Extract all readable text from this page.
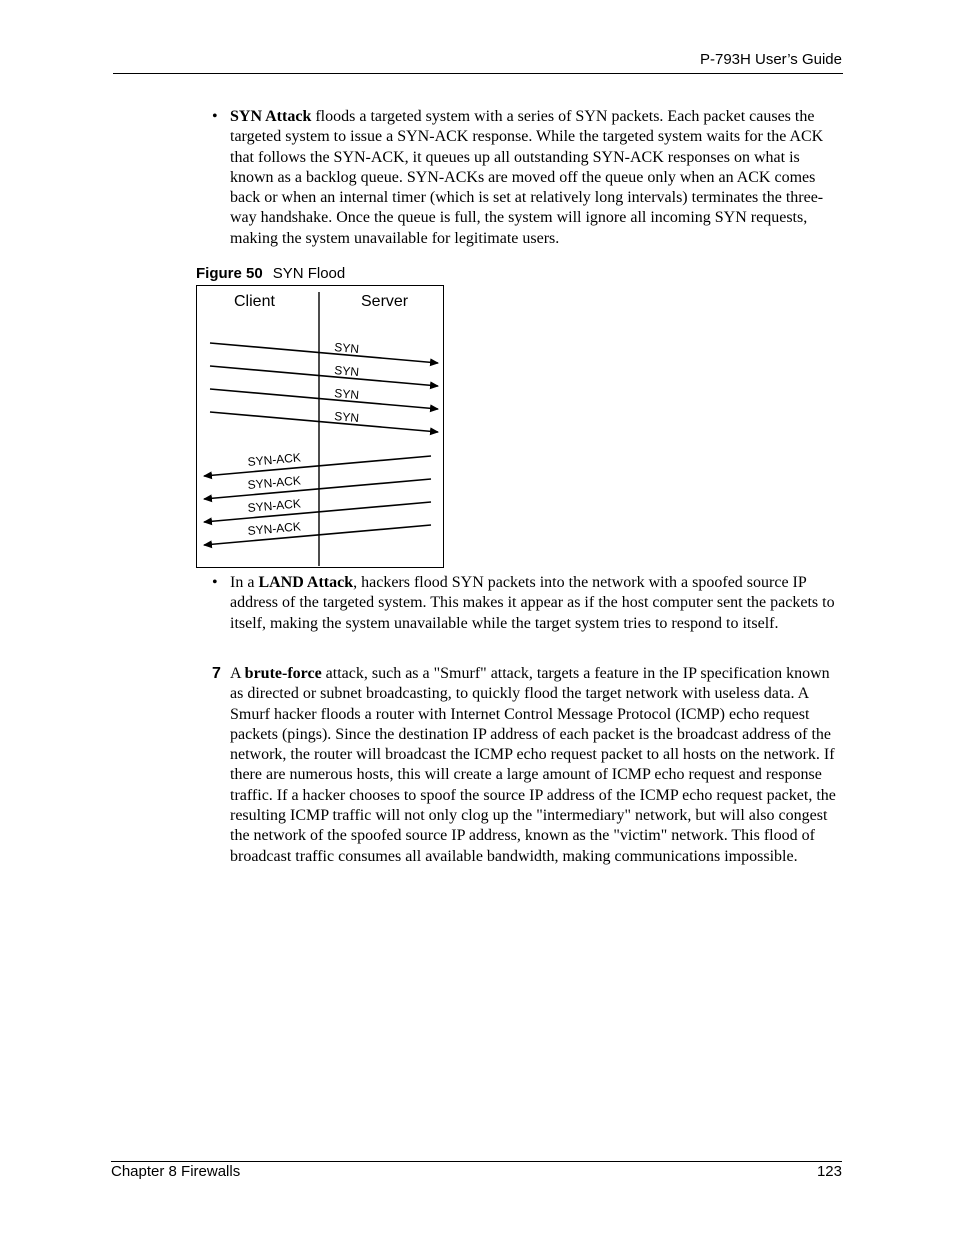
P-793H User’s Guide
• SYN Attack floods a targeted system with a series of SYN packets. Each packet causes the targeted system to issue a SYN-ACK response. While the targeted system waits for the ACK that follows the SYN-ACK, it queues up all outstanding SYN-ACK responses on what is known as a backlog queue. SYN-ACKs are moved off the queue only when an ACK comes back or when an internal timer (which is set at relatively long intervals) terminates the three-way handshake. Once the queue is full, the system will ignore all incoming SYN requests, making the system unavailable for legitimate users.
Figure 50 SYN Flood
Client	Server
SYN
SYN
SYN
SYN
SYN-ACK
SYN-ACK
SYN-ACK
SYN-ACK
• In a LAND Attack, hackers flood SYN packets into the network with a spoofed source IP address of the targeted system. This makes it appear as if the host computer sent the packets to itself, making the system unavailable while the target system tries to respond to itself.
7 A brute-force attack, such as a "Smurf" attack, targets a feature in the IP specification known as directed or subnet broadcasting, to quickly flood the target network with useless data. A Smurf hacker floods a router with Internet Control Message Protocol (ICMP) echo request packets (pings). Since the destination IP address of each packet is the broadcast address of the network, the router will broadcast the ICMP echo request packet to all hosts on the network. If there are numerous hosts, this will create a large amount of ICMP echo request and response traffic. If a hacker chooses to spoof the source IP address of the ICMP echo request packet, the resulting ICMP traffic will not only clog up the "intermediary" network, but will also congest the network of the spoofed source IP address, known as the "victim" network. This flood of broadcast traffic consumes all available bandwidth, making communications impossible.
Chapter 8 Firewalls	123
